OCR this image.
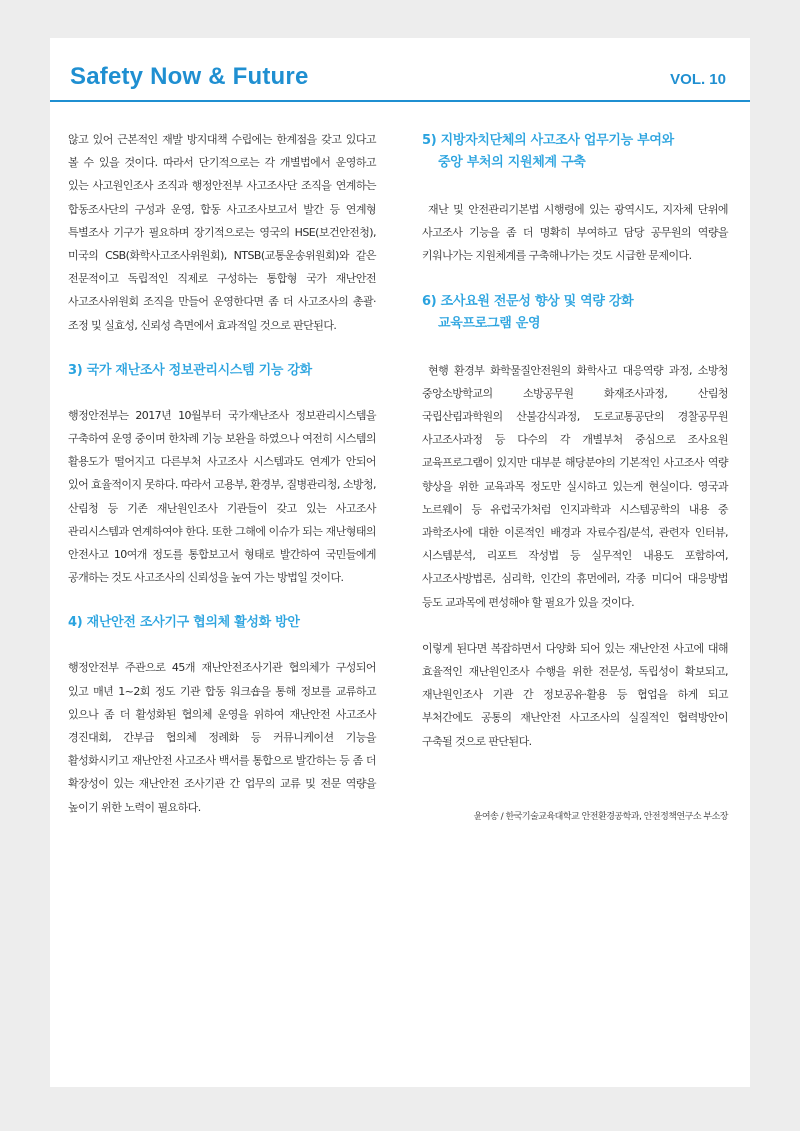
Safety Now & Future	VOL. 10

않고 있어 근본적인 재발 방지대책 수립에는 한계점을 갖고 있다고 볼 수 있을 것이다. 따라서 단기적으로는 각 개별법에서 운영하고 있는 사고원인조사 조직과 행정안전부 사고조사단 조직을 연계하는 합동조사단의 구성과 운영, 합동 사고조사보고서 발간 등 연계형 특별조사 기구가 필요하며 장기적으로는 영국의 HSE(보건안전청), 미국의 CSB(화학사고조사위원회), NTSB(교통운송위원회)와 같은 전문적이고 독립적인 직제로 구성하는 통합형 국가 재난안전 사고조사위원회 조직을 만들어 운영한다면 좀 더 사고조사의 총괄·조정 및 실효성, 신뢰성 측면에서 효과적일 것으로 판단된다.

3) 국가 재난조사 정보관리시스템 기능 강화

행정안전부는 2017년 10월부터 국가재난조사 정보관리시스템을 구축하여 운영 중이며 한차례 기능 보완을 하였으나 여전히 시스템의 활용도가 떨어지고 다른부처 사고조사 시스템과도 연계가 안되어 있어 효율적이지 못하다. 따라서 고용부, 환경부, 질병관리청, 소방청, 산림청 등 기존 재난원인조사 기관들이 갖고 있는 사고조사 관리시스템과 연계하여야 한다. 또한 그해에 이슈가 되는 재난형태의 안전사고 10여개 정도를 통합보고서 형태로 발간하여 국민들에게 공개하는 것도 사고조사의 신뢰성을 높여 가는 방법일 것이다.

4) 재난안전 조사기구 협의체 활성화 방안

행정안전부 주관으로 45개 재난안전조사기관 협의체가 구성되어 있고 매년 1~2회 정도 기관 합동 워크숍을 통해 정보를 교류하고 있으나 좀 더 활성화된 협의체 운영을 위하여 재난안전 사고조사 경진대회, 간부급 협의체 정례화 등 커뮤니케이션 기능을 활성화시키고 재난안전 사고조사 백서를 통합으로 발간하는 등 좀 더 확장성이 있는 재난안전 조사기관 간 업무의 교류 및 전문 역량을 높이기 위한 노력이 필요하다.

5) 지방자치단체의 사고조사 업무기능 부여와
중앙 부처의 지원체계 구축

재난 및 안전관리기본법 시행령에 있는 광역시도, 지자체 단위에 사고조사 기능을 좀 더 명확히 부여하고 담당 공무원의 역량을 키워나가는 지원체계를 구축해나가는 것도 시급한 문제이다.

6) 조사요원 전문성 향상 및 역량 강화
교육프로그램 운영

현행 환경부 화학물질안전원의 화학사고 대응역량 과정, 소방청 중앙소방학교의 소방공무원 화재조사과정, 산림청 국립산림과학원의 산불감식과정, 도로교통공단의 경찰공무원 사고조사과정 등 다수의 각 개별부처 중심으로 조사요원 교육프로그램이 있지만 대부분 해당분야의 기본적인 사고조사 역량 향상을 위한 교육과목 정도만 실시하고 있는게 현실이다. 영국과 노르웨이 등 유럽국가처럼 인지과학과 시스템공학의 내용 중 과학조사에 대한 이론적인 배경과 자료수집/분석, 관련자 인터뷰, 시스템분석, 리포트 작성법 등 실무적인 내용도 포함하여, 사고조사방법론, 심리학, 인간의 휴먼에러, 각종 미디어 대응방법 등도 교과목에 편성해야 할 필요가 있을 것이다.

이렇게 된다면 복잡하면서 다양화 되어 있는 재난안전 사고에 대해 효율적인 재난원인조사 수행을 위한 전문성, 독립성이 확보되고, 재난원인조사 기관 간 정보공유·활용 등 협업을 하게 되고 부처간에도 공통의 재난안전 사고조사의 실질적인 협력방안이 구축될 것으로 판단된다.

윤여송 / 한국기술교육대학교 안전환경공학과, 안전정책연구소 부소장
